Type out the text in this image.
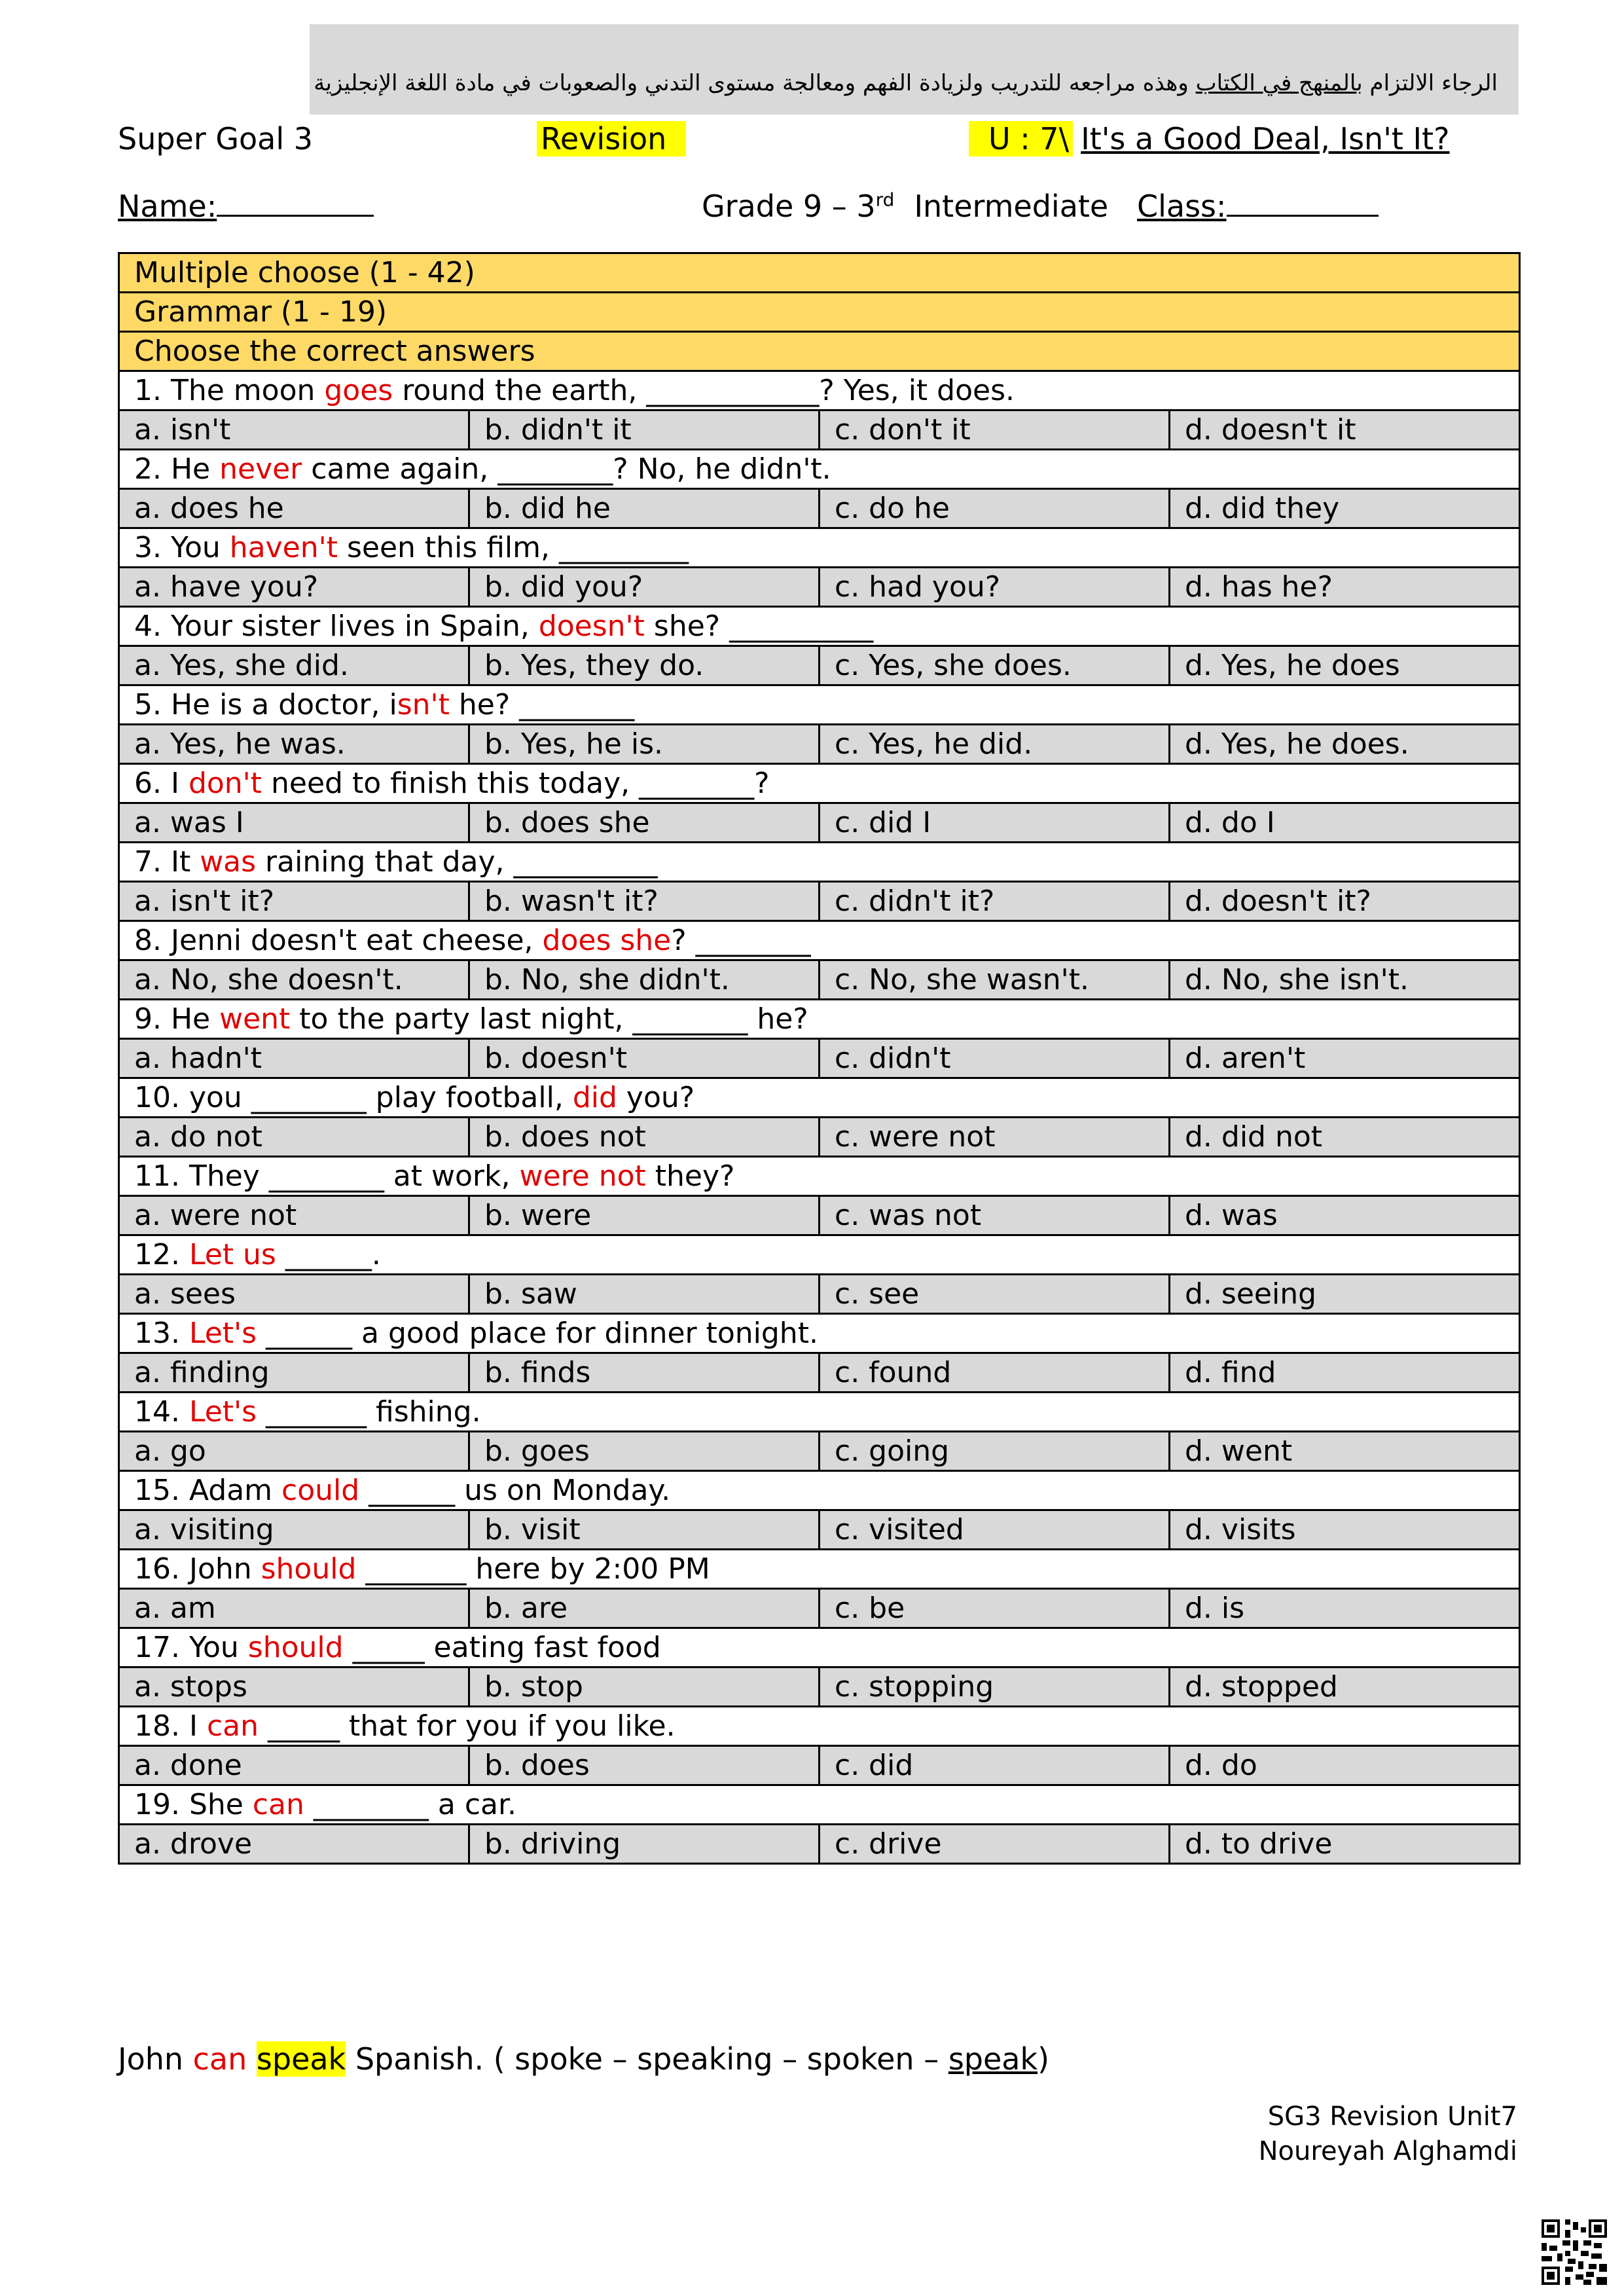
الرجاء الالتزام بالمنهج في الكتاب وهذه مراجعه للتدريب ولزيادة الفهم ومعالجة مستوى التدني والصعوبات في مادة اللغة الإنجليزية
Super Goal 3	Revision	U : 7\ It's a Good Deal, Isn't It?
Name:	Grade 9 – 3rd Intermediate Class:
Multiple choose (1 - 42)			
Grammar (1 - 19)			
Choose the correct answers			
1. The moon goes round the earth, ____________? Yes, it does.			
a. isn't	b. didn't it	c. don't it	d. doesn't it
2. He never came again, ________? No, he didn't.			
a. does he	b. did he	c. do he	d. did they
3. You haven't seen this film, _________			
a. have you?	b. did you?	c. had you?	d. has he?
4. Your sister lives in Spain, doesn't she? __________			
a. Yes, she did.	b. Yes, they do.	c. Yes, she does.	d. Yes, he does
5. He is a doctor, isn't he? ________			
a. Yes, he was.	b. Yes, he is.	c. Yes, he did.	d. Yes, he does.
6. I don't need to finish this today, ________?			
a. was I	b. does she	c. did I	d. do I
7. It was raining that day, __________			
a. isn't it?	b. wasn't it?	c. didn't it?	d. doesn't it?
8. Jenni doesn't eat cheese, does she? ________			
a. No, she doesn't.	b. No, she didn't.	c. No, she wasn't.	d. No, she isn't.
9. He went to the party last night, ________ he?			
a. hadn't	b. doesn't	c. didn't	d. aren't
10. you ________ play football, did you?			
a. do not	b. does not	c. were not	d. did not
11. They ________ at work, were not they?			
a. were not	b. were	c. was not	d. was
12. Let us ______.			
a. sees	b. saw	c. see	d. seeing
13. Let's ______ a good place for dinner tonight.			
a. finding	b. finds	c. found	d. find
14. Let's _______ fishing.			
a. go	b. goes	c. going	d. went
15. Adam could ______ us on Monday.			
a. visiting	b. visit	c. visited	d. visits
16. John should _______ here by 2:00 PM			
a. am	b. are	c. be	d. is
17. You should _____ eating fast food			
a. stops	b. stop	c. stopping	d. stopped
18. I can _____ that for you if you like.			
a. done	b. does	c. did	d. do
19. She can ________ a car.			
a. drove	b. driving	c. drive	d. to drive
John can speak Spanish. ( spoke – speaking – spoken – speak)
SG3 Revision Unit7
Noureyah Alghamdi
